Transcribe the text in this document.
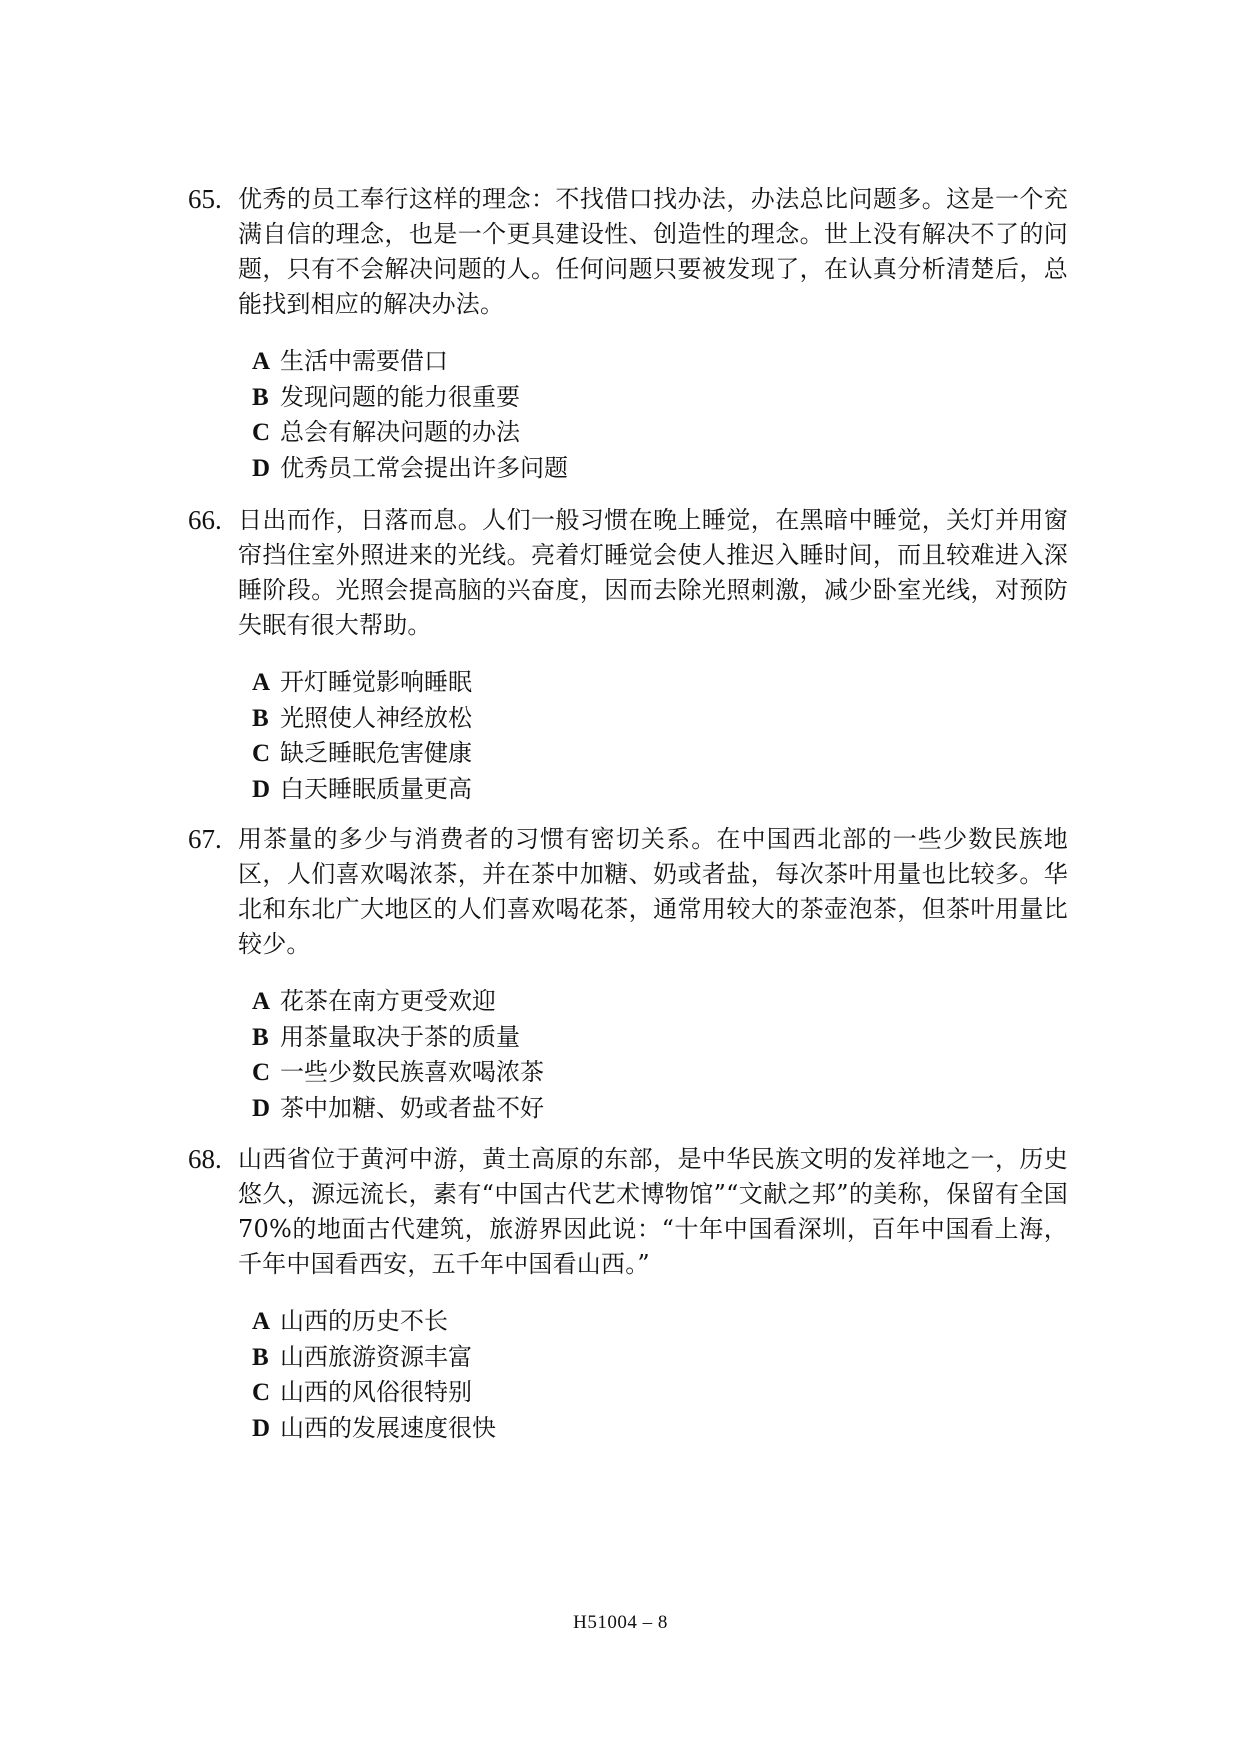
65. 优秀的员工奉行这样的理念：不找借口找办法，办法总比问题多。这是一个充满自信的理念，也是一个更具建设性、创造性的理念。世上没有解决不了的问题，只有不会解决问题的人。任何问题只要被发现了，在认真分析清楚后，总能找到相应的解决办法。
A 生活中需要借口
B 发现问题的能力很重要
C 总会有解决问题的办法
D 优秀员工常会提出许多问题
66. 日出而作，日落而息。人们一般习惯在晚上睡觉，在黑暗中睡觉，关灯并用窗帘挡住室外照进来的光线。亮着灯睡觉会使人推迟入睡时间，而且较难进入深睡阶段。光照会提高脑的兴奋度，因而去除光照刺激，减少卧室光线，对预防失眠有很大帮助。
A 开灯睡觉影响睡眠
B 光照使人神经放松
C 缺乏睡眠危害健康
D 白天睡眠质量更高
67. 用茶量的多少与消费者的习惯有密切关系。在中国西北部的一些少数民族地区，人们喜欢喝浓茶，并在茶中加糖、奶或者盐，每次茶叶用量也比较多。华北和东北广大地区的人们喜欢喝花茶，通常用较大的茶壶泡茶，但茶叶用量比较少。
A 花茶在南方更受欢迎
B 用茶量取决于茶的质量
C 一些少数民族喜欢喝浓茶
D 茶中加糖、奶或者盐不好
68. 山西省位于黄河中游，黄土高原的东部，是中华民族文明的发祥地之一，历史悠久，源远流长，素有“中国古代艺术博物馆”“文献之邦”的美称，保留有全国 70%的地面古代建筑，旅游界因此说：“十年中国看深圳，百年中国看上海，千年中国看西安，五千年中国看山西。”
A 山西的历史不长
B 山西旅游资源丰富
C 山西的风俗很特别
D 山西的发展速度很快
H51004 – 8
